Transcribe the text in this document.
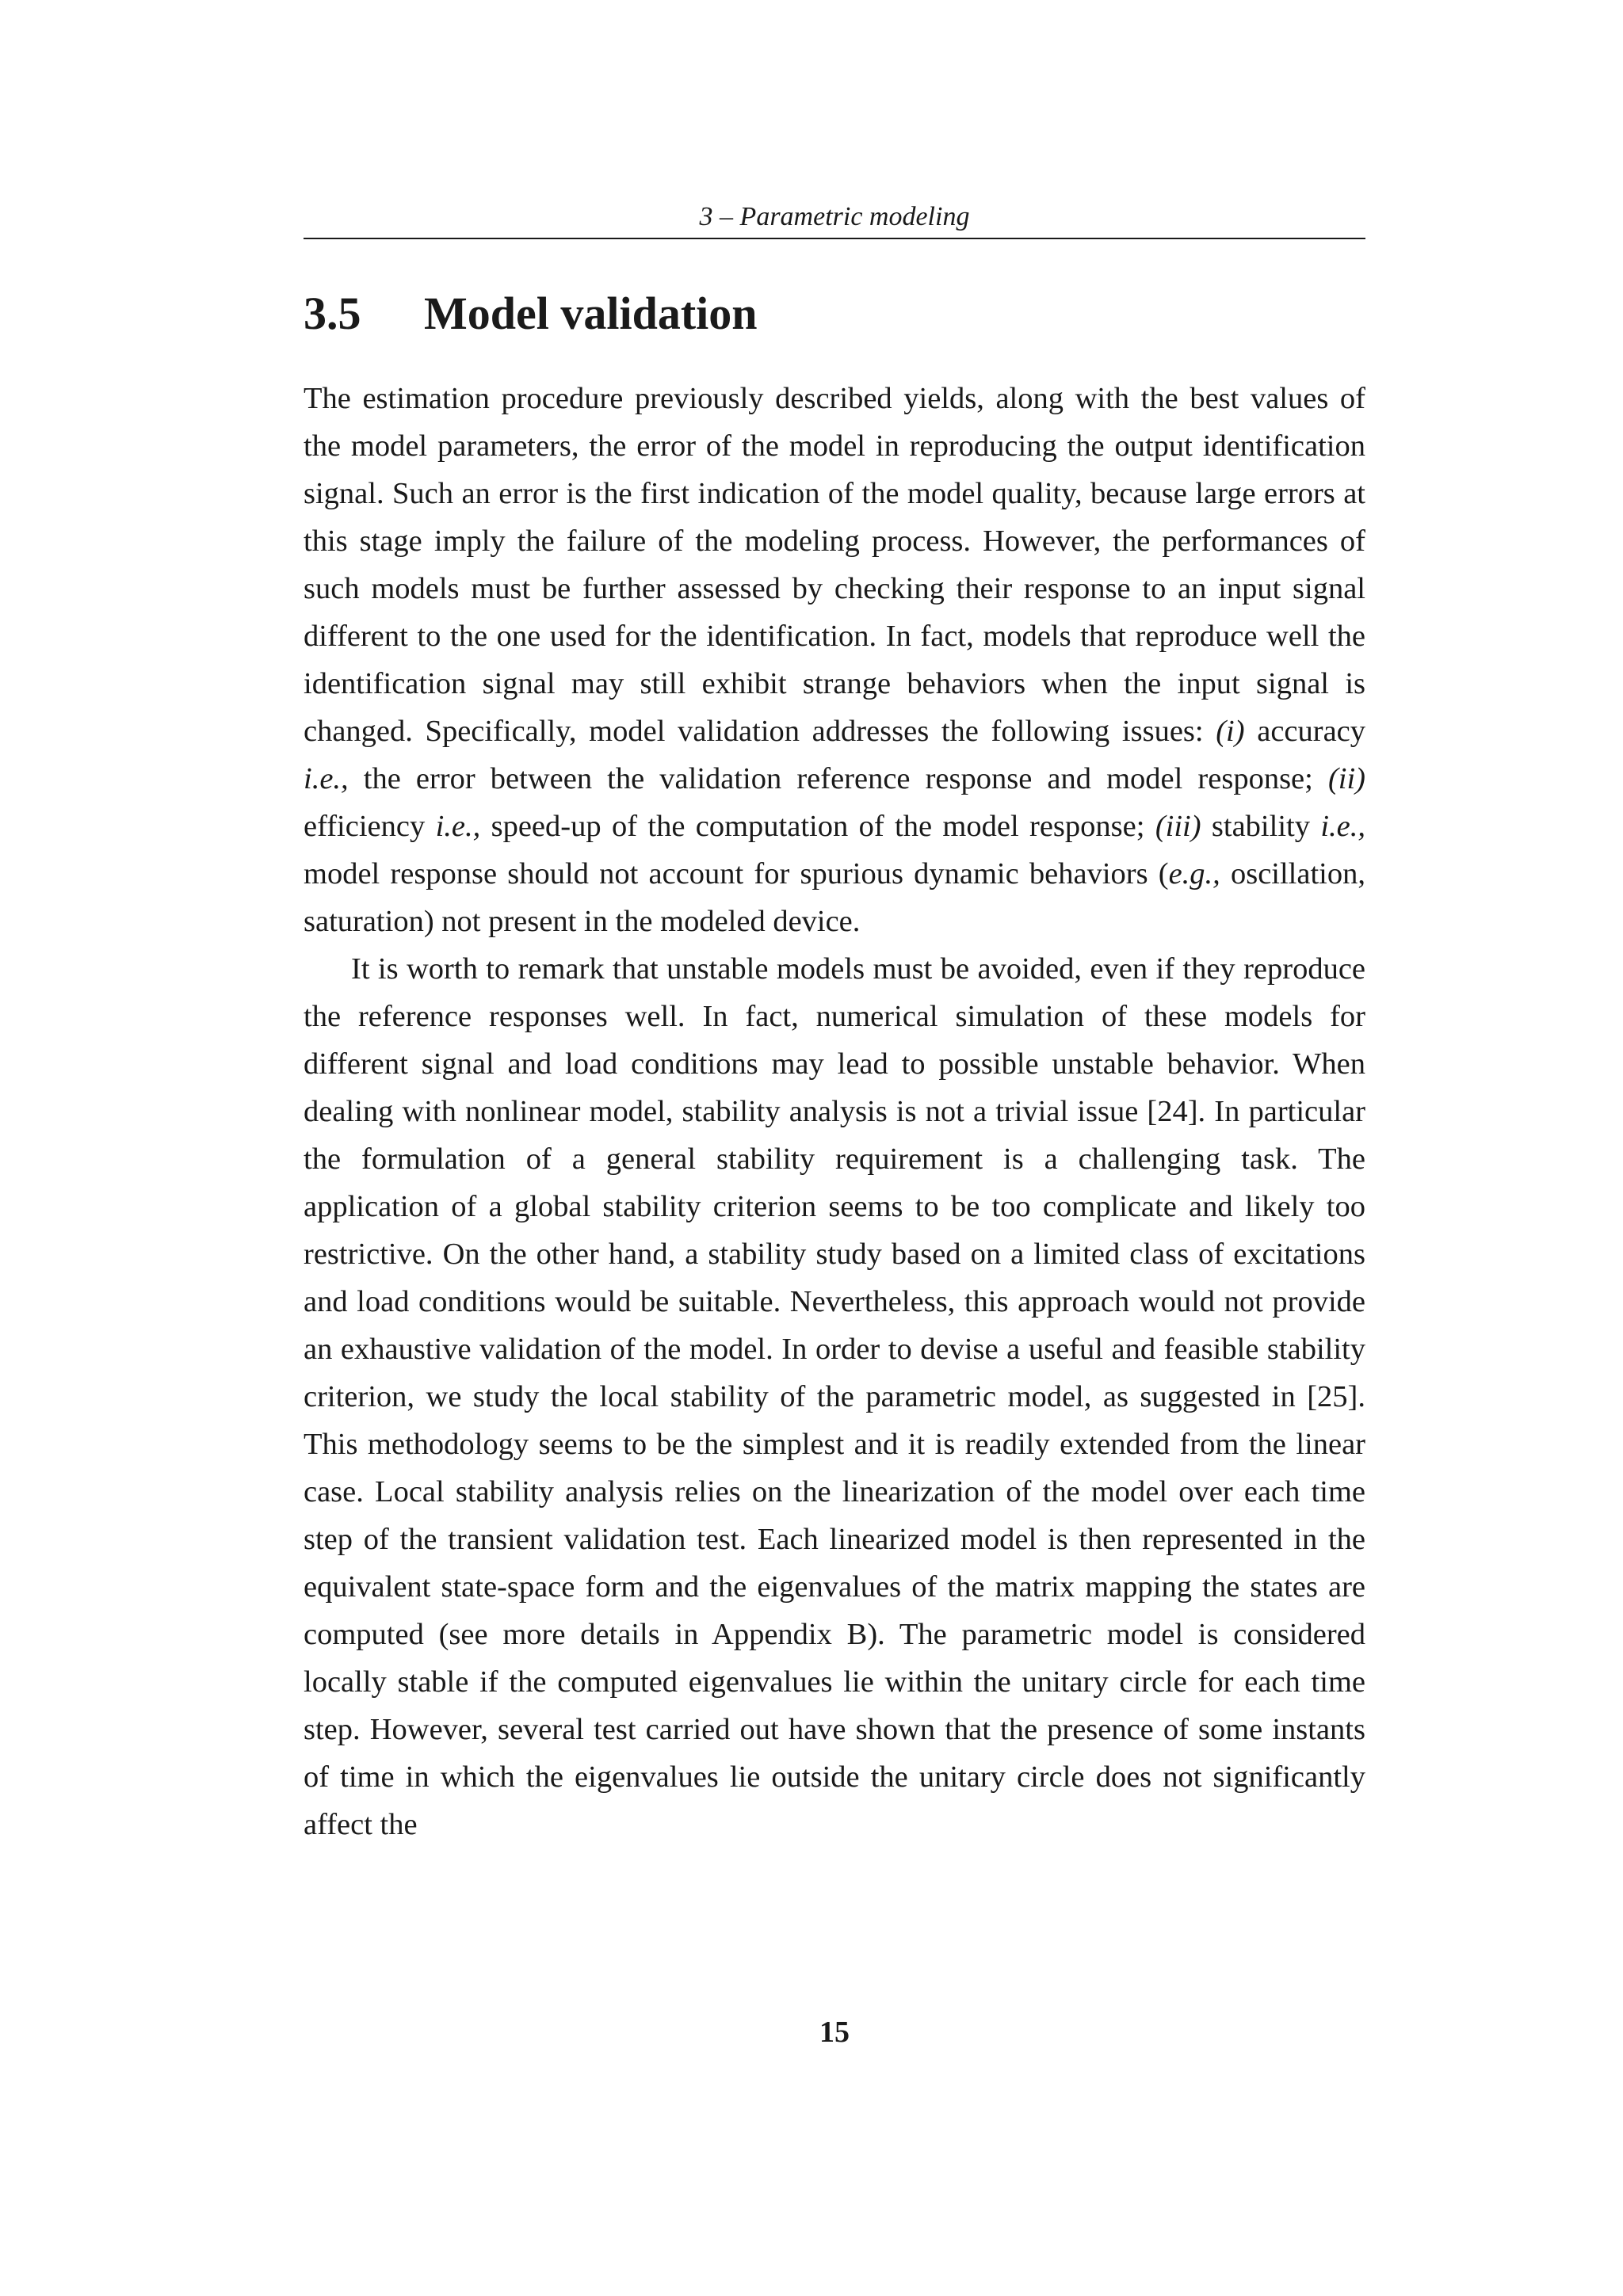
3 – Parametric modeling
3.5 Model validation

The estimation procedure previously described yields, along with the best values of the model parameters, the error of the model in reproducing the output identification signal. Such an error is the first indication of the model quality, because large errors at this stage imply the failure of the modeling process. However, the performances of such models must be further assessed by checking their response to an input signal different to the one used for the identification. In fact, models that reproduce well the identification signal may still exhibit strange behaviors when the input signal is changed. Specifically, model validation addresses the following issues: (i) accuracy i.e., the error between the validation reference response and model response; (ii) efficiency i.e., speed-up of the computation of the model response; (iii) stability i.e., model response should not account for spurious dynamic behaviors (e.g., oscillation, saturation) not present in the modeled device.

It is worth to remark that unstable models must be avoided, even if they reproduce the reference responses well. In fact, numerical simulation of these models for different signal and load conditions may lead to possible unstable behavior. When dealing with nonlinear model, stability analysis is not a trivial issue [24]. In particular the formulation of a general stability requirement is a challenging task. The application of a global stability criterion seems to be too complicate and likely too restrictive. On the other hand, a stability study based on a limited class of excitations and load conditions would be suitable. Nevertheless, this approach would not provide an exhaustive validation of the model. In order to devise a useful and feasible stability criterion, we study the local stability of the parametric model, as suggested in [25]. This methodology seems to be the simplest and it is readily extended from the linear case. Local stability analysis relies on the linearization of the model over each time step of the transient validation test. Each linearized model is then represented in the equivalent state-space form and the eigenvalues of the matrix mapping the states are computed (see more details in Appendix B). The parametric model is considered locally stable if the computed eigenvalues lie within the unitary circle for each time step. However, several test carried out have shown that the presence of some instants of time in which the eigenvalues lie outside the unitary circle does not significantly affect the

15
